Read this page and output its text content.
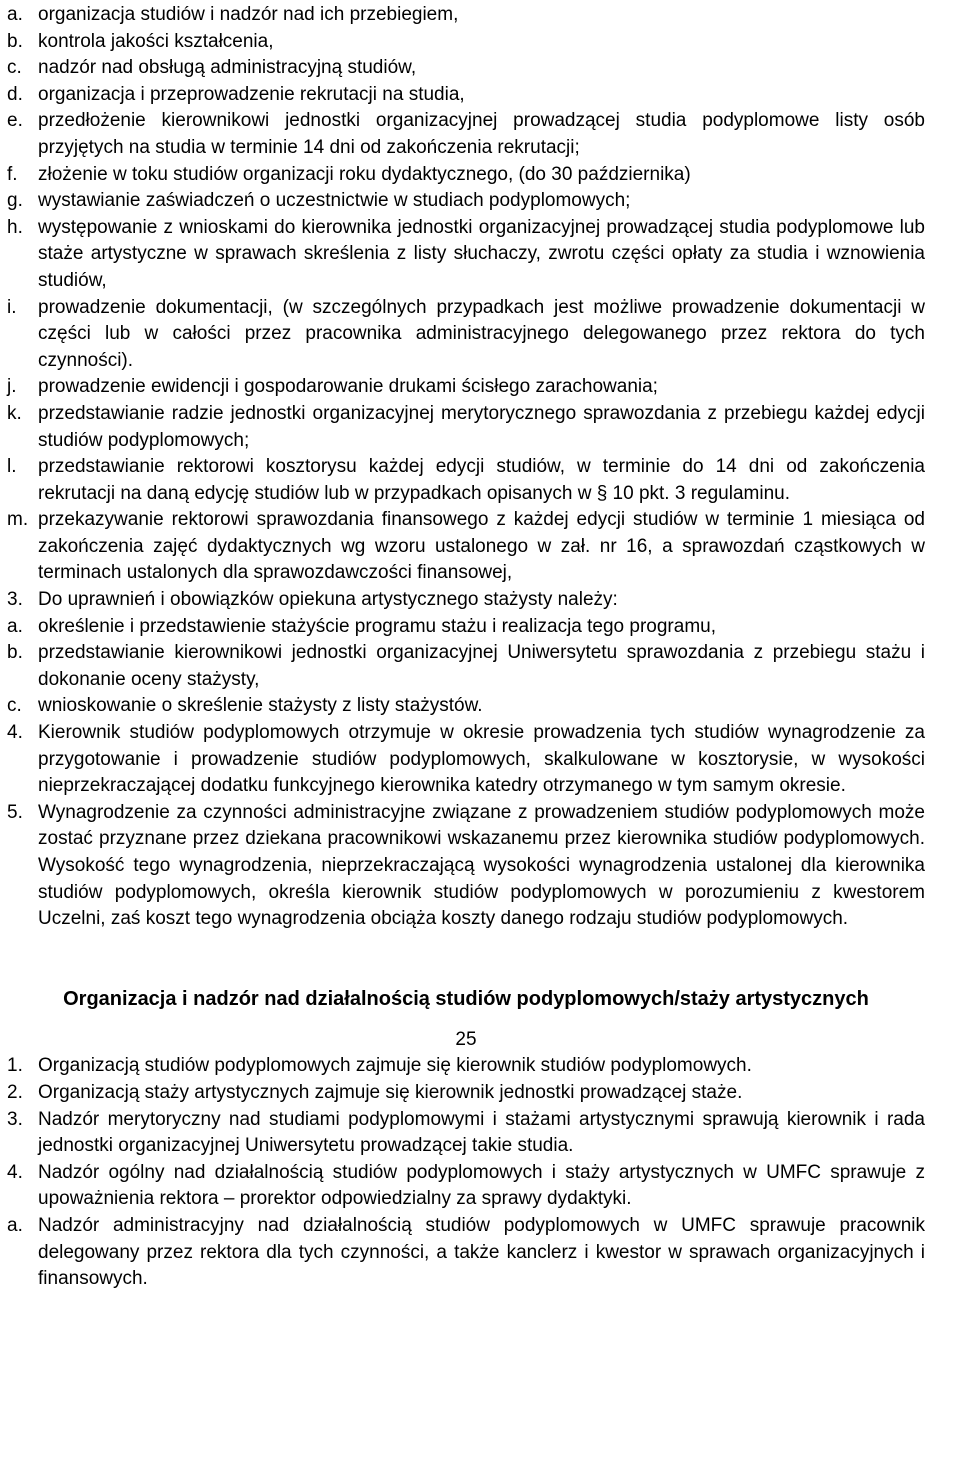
a. organizacja studiów i nadzór nad ich przebiegiem,
b. kontrola jakości kształcenia,
c. nadzór nad obsługą administracyjną studiów,
d. organizacja i przeprowadzenie rekrutacji na studia,
e. przedłożenie kierownikowi jednostki organizacyjnej prowadzącej studia podyplomowe listy osób przyjętych na studia w terminie 14 dni od zakończenia rekrutacji;
f.	złożenie w toku studiów organizacji roku dydaktycznego, (do 30 października)
g. wystawianie zaświadczeń o uczestnictwie w studiach podyplomowych;
h. występowanie z wnioskami do kierownika jednostki organizacyjnej prowadzącej studia podyplomowe lub staże artystyczne w sprawach skreślenia z listy słuchaczy, zwrotu części opłaty za studia i wznowienia studiów,
i.	prowadzenie dokumentacji, (w szczególnych przypadkach jest możliwe prowadzenie dokumentacji w części lub w całości przez pracownika administracyjnego delegowanego przez rektora do tych czynności).
j.	prowadzenie ewidencji i gospodarowanie drukami ścisłego zarachowania;
k. przedstawianie radzie jednostki organizacyjnej merytorycznego sprawozdania z przebiegu każdej edycji studiów podyplomowych;
l.	przedstawianie rektorowi kosztorysu każdej edycji studiów, w terminie do 14 dni od zakończenia rekrutacji na daną edycję studiów lub w przypadkach opisanych w § 10 pkt. 3 regulaminu.
m. przekazywanie rektorowi sprawozdania finansowego z każdej edycji studiów w terminie 1 miesiąca od zakończenia zajęć dydaktycznych wg wzoru ustalonego w zał. nr 16, a sprawozdań cząstkowych w terminach ustalonych dla sprawozdawczości finansowej,
3. Do uprawnień i obowiązków opiekuna artystycznego stażysty należy:
a. określenie i przedstawienie stażyście programu stażu i realizacja tego programu,
b. przedstawianie kierownikowi jednostki organizacyjnej Uniwersytetu sprawozdania z przebiegu stażu i dokonanie oceny stażysty,
c. wnioskowanie o skreślenie stażysty z listy stażystów.
4. Kierownik studiów podyplomowych otrzymuje w okresie prowadzenia tych studiów wynagrodzenie za przygotowanie i prowadzenie studiów podyplomowych, skalkulowane w kosztorysie, w wysokości nieprzekraczającej dodatku funkcyjnego kierownika katedry otrzymanego w tym samym okresie.
5. Wynagrodzenie za czynności administracyjne związane z prowadzeniem studiów podyplomowych może zostać przyznane przez dziekana pracownikowi wskazanemu przez kierownika studiów podyplomowych. Wysokość tego wynagrodzenia, nieprzekraczającą wysokości wynagrodzenia ustalonej dla kierownika studiów podyplomowych, określa kierownik studiów podyplomowych w porozumieniu z kwestorem Uczelni, zaś koszt tego wynagrodzenia obciąża koszty danego rodzaju studiów podyplomowych.
Organizacja i nadzór nad działalnością studiów podyplomowych/staży artystycznych
25
1. Organizacją studiów podyplomowych zajmuje się kierownik studiów podyplomowych.
2. Organizacją staży artystycznych zajmuje się kierownik jednostki prowadzącej staże.
3. Nadzór merytoryczny nad studiami podyplomowymi i stażami artystycznymi sprawują kierownik i rada jednostki organizacyjnej Uniwersytetu prowadzącej takie studia.
4. Nadzór ogólny nad działalnością studiów podyplomowych i staży artystycznych w UMFC sprawuje z upoważnienia rektora – prorektor odpowiedzialny za sprawy dydaktyki.
a. Nadzór administracyjny nad działalnością studiów podyplomowych w UMFC sprawuje pracownik delegowany przez rektora dla tych czynności, a także kanclerz i kwestor w sprawach organizacyjnych i finansowych.
